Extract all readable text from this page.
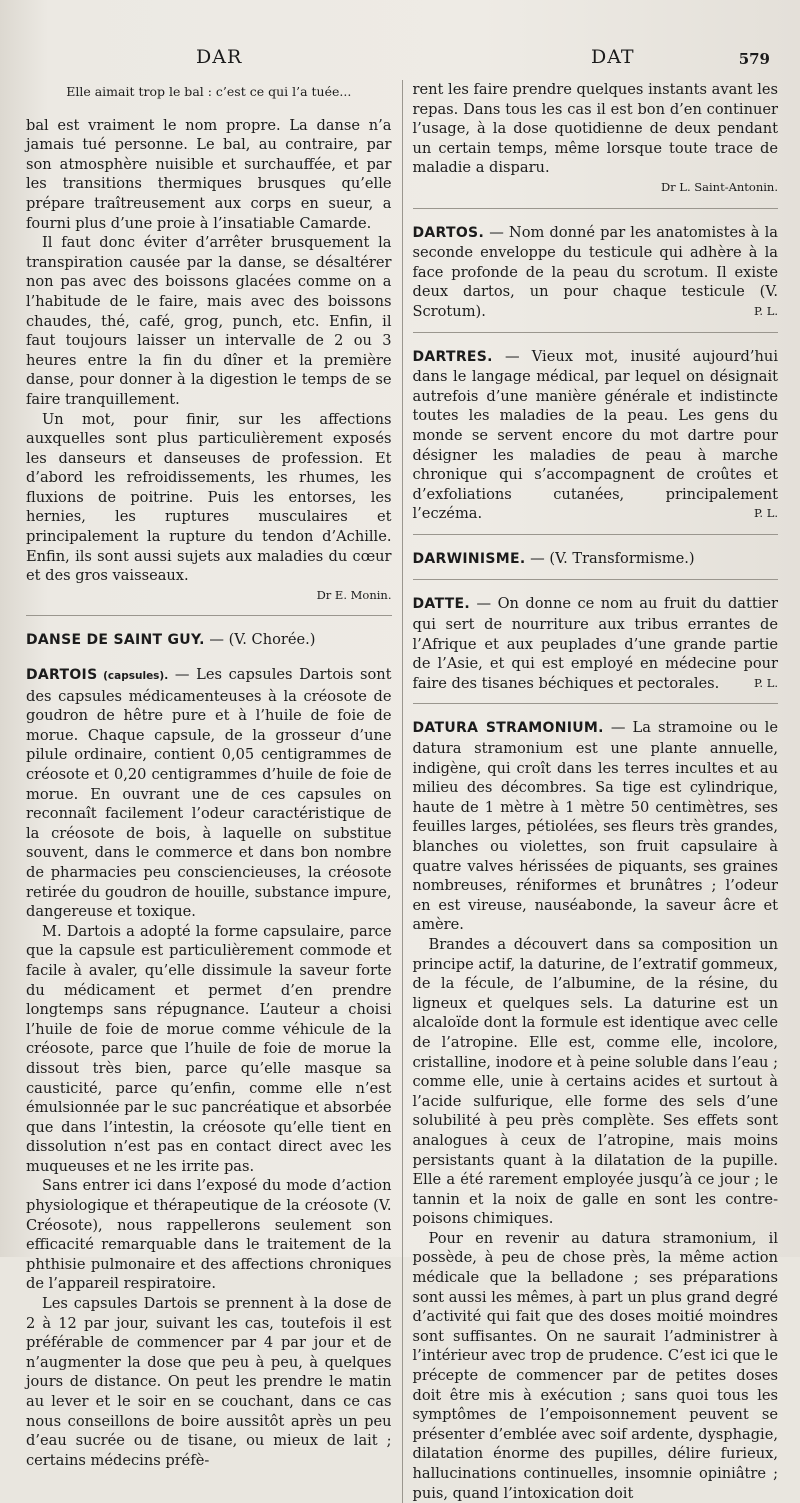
DAR	DAT	579

Elle aimait trop le bal : c’est ce qui l’a tuée...

bal est vraiment le nom propre. La danse n’a jamais tué personne. Le bal, au contraire, par son atmosphère nuisible et surchauffée, et par les transitions thermiques brusques qu’elle prépare traîtreusement aux corps en sueur, a fourni plus d’une proie à l’insatiable Camarde.

Il faut donc éviter d’arrêter brusquement la transpiration causée par la danse, se désaltérer non pas avec des boissons glacées comme on a l’habitude de le faire, mais avec des boissons chaudes, thé, café, grog, punch, etc. Enfin, il faut toujours laisser un intervalle de 2 ou 3 heures entre la fin du dîner et la première danse, pour donner à la digestion le temps de se faire tranquillement.

Un mot, pour finir, sur les affections auxquelles sont plus particulièrement exposés les danseurs et danseuses de profession. Et d’abord les refroidissements, les rhumes, les fluxions de poitrine. Puis les entorses, les hernies, les ruptures musculaires et principalement la rupture du tendon d’Achille. Enfin, ils sont aussi sujets aux maladies du cœur et des gros vaisseaux.

Dr E. Monin.

DANSE DE SAINT GUY. — (V. Chorée.)

DARTOIS (capsules). — Les capsules Dartois sont des capsules médicamenteuses à la créosote de goudron de hêtre pure et à l’huile de foie de morue. Chaque capsule, de la grosseur d’une pilule ordinaire, contient 0,05 centigrammes de créosote et 0,20 centigrammes d’huile de foie de morue. En ouvrant une de ces capsules on reconnaît facilement l’odeur caractéristique de la créosote de bois, à laquelle on substitue souvent, dans le commerce et dans bon nombre de pharmacies peu consciencieuses, la créosote retirée du goudron de houille, substance impure, dangereuse et toxique.

M. Dartois a adopté la forme capsulaire, parce que la capsule est particulièrement commode et facile à avaler, qu’elle dissimule la saveur forte du médicament et permet d’en prendre longtemps sans répugnance. L’auteur a choisi l’huile de foie de morue comme véhicule de la créosote, parce que l’huile de foie de morue la dissout très bien, parce qu’elle masque sa causticité, parce qu’enfin, comme elle n’est émulsionnée par le suc pancréatique et absorbée que dans l’intestin, la créosote qu’elle tient en dissolution n’est pas en contact direct avec les muqueuses et ne les irrite pas.

Sans entrer ici dans l’exposé du mode d’action physiologique et thérapeutique de la créosote (V. Créosote), nous rappellerons seulement son efficacité remarquable dans le traitement de la phthisie pulmonaire et des affections chroniques de l’appareil respiratoire.

Les capsules Dartois se prennent à la dose de 2 à 12 par jour, suivant les cas, toutefois il est préférable de commencer par 4 par jour et de n’augmenter la dose que peu à peu, à quelques jours de distance. On peut les prendre le matin au lever et le soir en se couchant, dans ce cas nous conseillons de boire aussitôt après un peu d’eau sucrée ou de tisane, ou mieux de lait ; certains médecins préfè-

rent les faire prendre quelques instants avant les repas. Dans tous les cas il est bon d’en continuer l’usage, à la dose quotidienne de deux pendant un certain temps, même lorsque toute trace de maladie a disparu.

Dr L. Saint-Antonin.

DARTOS. — Nom donné par les anatomistes à la seconde enveloppe du testicule qui adhère à la face profonde de la peau du scrotum. Il existe deux dartos, un pour chaque testicule (V. Scrotum).	P. L.

DARTRES. — Vieux mot, inusité aujourd’hui dans le langage médical, par lequel on désignait autrefois d’une manière générale et indistincte toutes les maladies de la peau. Les gens du monde se servent encore du mot dartre pour désigner les maladies de peau à marche chronique qui s’accompagnent de croûtes et d’exfoliations cutanées, principalement l’eczéma.	P. L.

DARWINISME. — (V. Transformisme.)

DATTE. — On donne ce nom au fruit du dattier qui sert de nourriture aux tribus errantes de l’Afrique et aux peuplades d’une grande partie de l’Asie, et qui est employé en médecine pour faire des tisanes béchiques et pectorales.	P. L.

DATURA STRAMONIUM. — La stramoine ou le datura stramonium est une plante annuelle, indigène, qui croît dans les terres incultes et au milieu des décombres. Sa tige est cylindrique, haute de 1 mètre à 1 mètre 50 centimètres, ses feuilles larges, pétiolées, ses fleurs très grandes, blanches ou violettes, son fruit capsulaire à quatre valves hérissées de piquants, ses graines nombreuses, réniformes et brunâtres ; l’odeur en est vireuse, nauséabonde, la saveur âcre et amère.

Brandes a découvert dans sa composition un principe actif, la daturine, de l’extratif gommeux, de la fécule, de l’albumine, de la résine, du ligneux et quelques sels. La daturine est un alcaloïde dont la formule est identique avec celle de l’atropine. Elle est, comme elle, incolore, cristalline, inodore et à peine soluble dans l’eau ; comme elle, unie à certains acides et surtout à l’acide sulfurique, elle forme des sels d’une solubilité à peu près complète. Ses effets sont analogues à ceux de l’atropine, mais moins persistants quant à la dilatation de la pupille. Elle a été rarement employée jusqu’à ce jour ; le tannin et la noix de galle en sont les contre-poisons chimiques.

Pour en revenir au datura stramonium, il possède, à peu de chose près, la même action médicale que la belladone ; ses préparations sont aussi les mêmes, à part un plus grand degré d’activité qui fait que des doses moitié moindres sont suffisantes. On ne saurait l’administrer à l’intérieur avec trop de prudence. C’est ici que le précepte de commencer par de petites doses doit être mis à exécution ; sans quoi tous les symptômes de l’empoisonnement peuvent se présenter d’emblée avec soif ardente, dysphagie, dilatation énorme des pupilles, délire furieux, hallucinations continuelles, insomnie opiniâtre ; puis, quand l’intoxication doit
